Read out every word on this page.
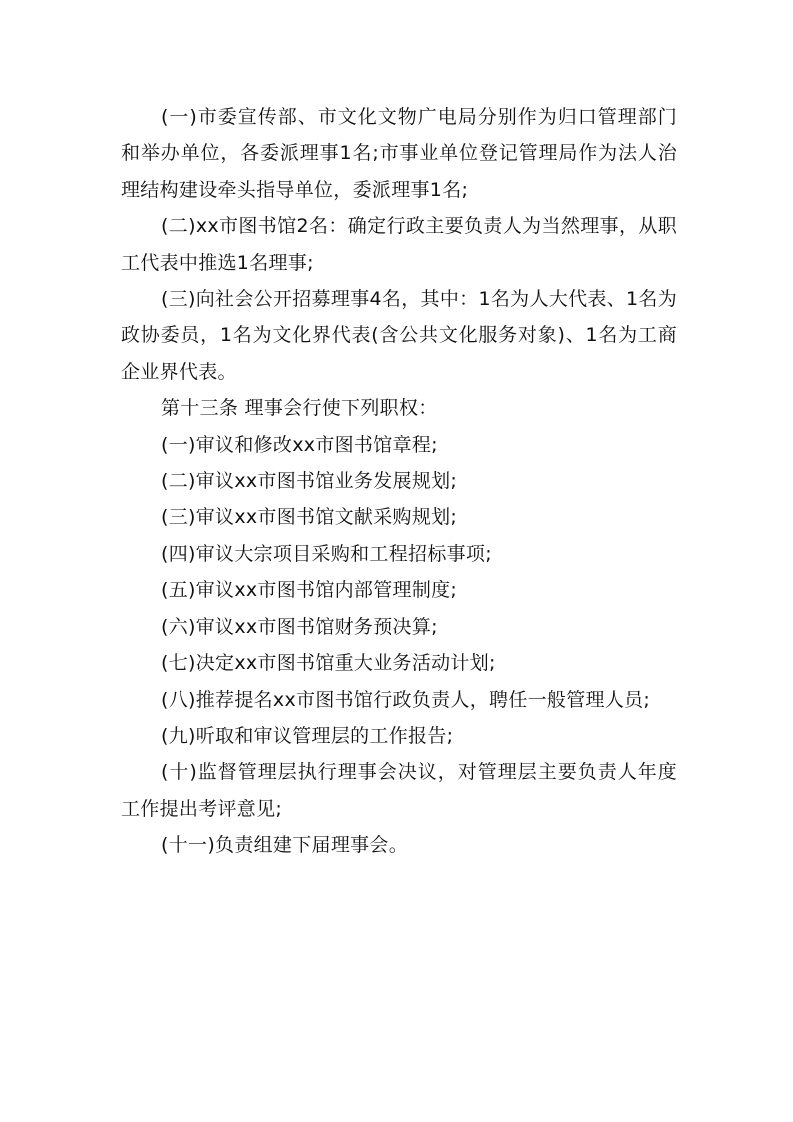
(一)市委宣传部、市文化文物广电局分别作为归口管理部门和举办单位，各委派理事1名;市事业单位登记管理局作为法人治理结构建设牵头指导单位，委派理事1名;

(二)xx市图书馆2名：确定行政主要负责人为当然理事，从职工代表中推选1名理事;

(三)向社会公开招募理事4名，其中：1名为人大代表、1名为政协委员，1名为文化界代表(含公共文化服务对象)、1名为工商企业界代表。

第十三条 理事会行使下列职权：

(一)审议和修改xx市图书馆章程;

(二)审议xx市图书馆业务发展规划;

(三)审议xx市图书馆文献采购规划;

(四)审议大宗项目采购和工程招标事项;

(五)审议xx市图书馆内部管理制度;

(六)审议xx市图书馆财务预决算;

(七)决定xx市图书馆重大业务活动计划;

(八)推荐提名xx市图书馆行政负责人，聘任一般管理人员;

(九)听取和审议管理层的工作报告;

(十)监督管理层执行理事会决议，对管理层主要负责人年度工作提出考评意见;

(十一)负责组建下届理事会。
